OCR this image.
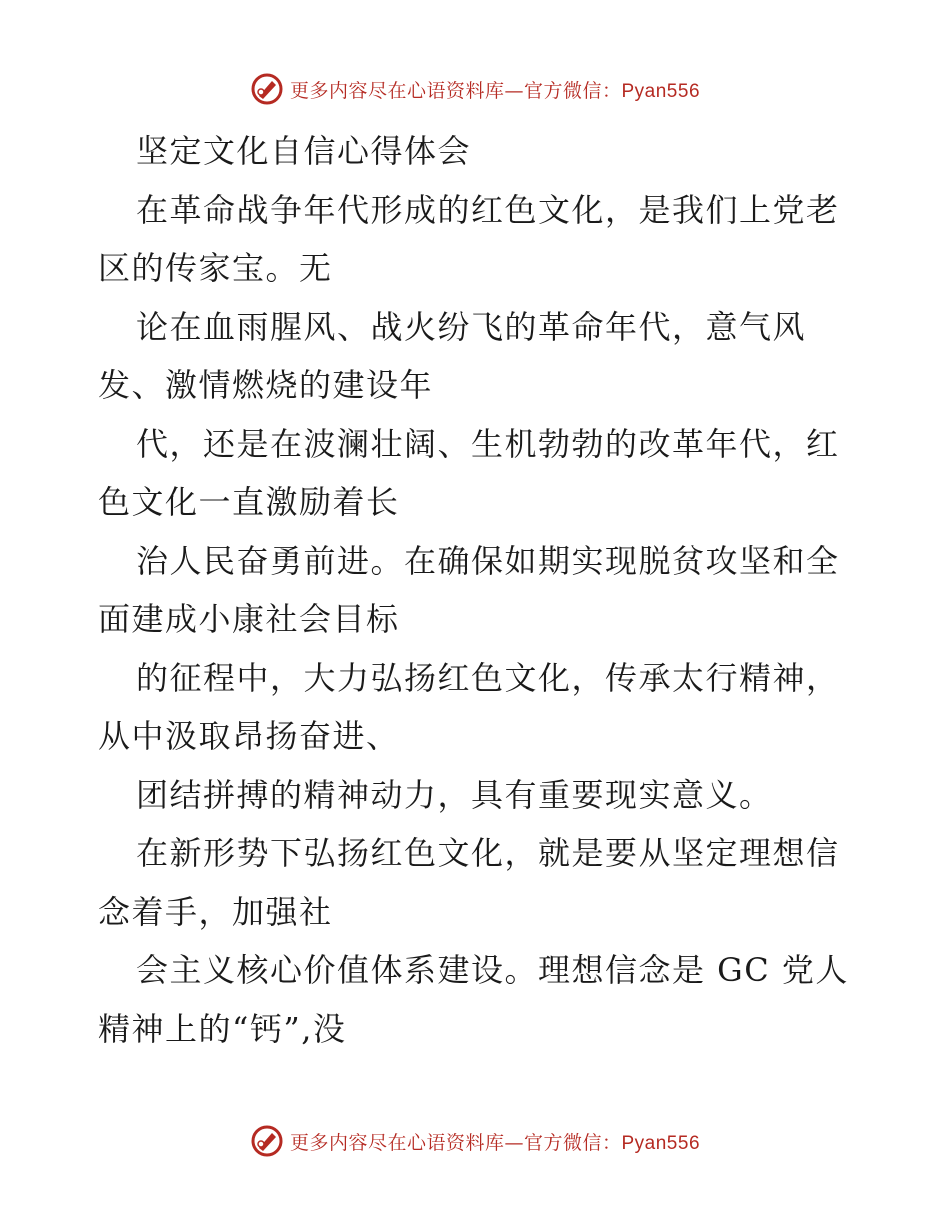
更多内容尽在心语资料库—官方微信：Pyan556
坚定文化自信心得体会
在革命战争年代形成的红色文化，是我们上党老
区的传家宝。无
论在血雨腥风、战火纷飞的革命年代，意气风
发、激情燃烧的建设年
代，还是在波澜壮阔、生机勃勃的改革年代，红
色文化一直激励着长
治人民奋勇前进。在确保如期实现脱贫攻坚和全
面建成小康社会目标
的征程中，大力弘扬红色文化，传承太行精神，
从中汲取昂扬奋进、
团结拼搏的精神动力，具有重要现实意义。
在新形势下弘扬红色文化，就是要从坚定理想信
念着手，加强社
会主义核心价值体系建设。理想信念是 GC 党人
精神上的“钙”,没
更多内容尽在心语资料库—官方微信：Pyan556
